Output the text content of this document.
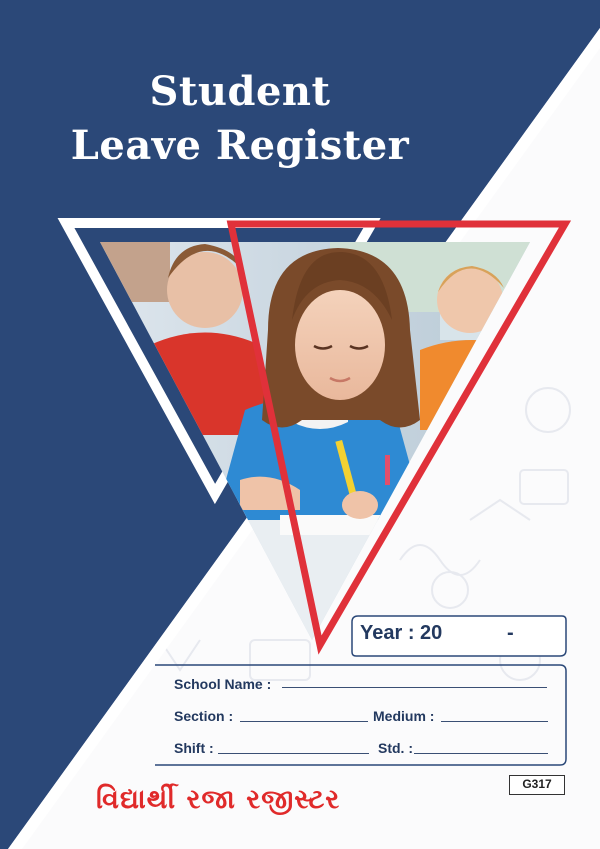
Student
Leave Register
Year : 20	-
School Name :
Section :	Medium :
Shift :	Std. :
G317
વિદ્યાર્થી રજા રજીસ્ટર
